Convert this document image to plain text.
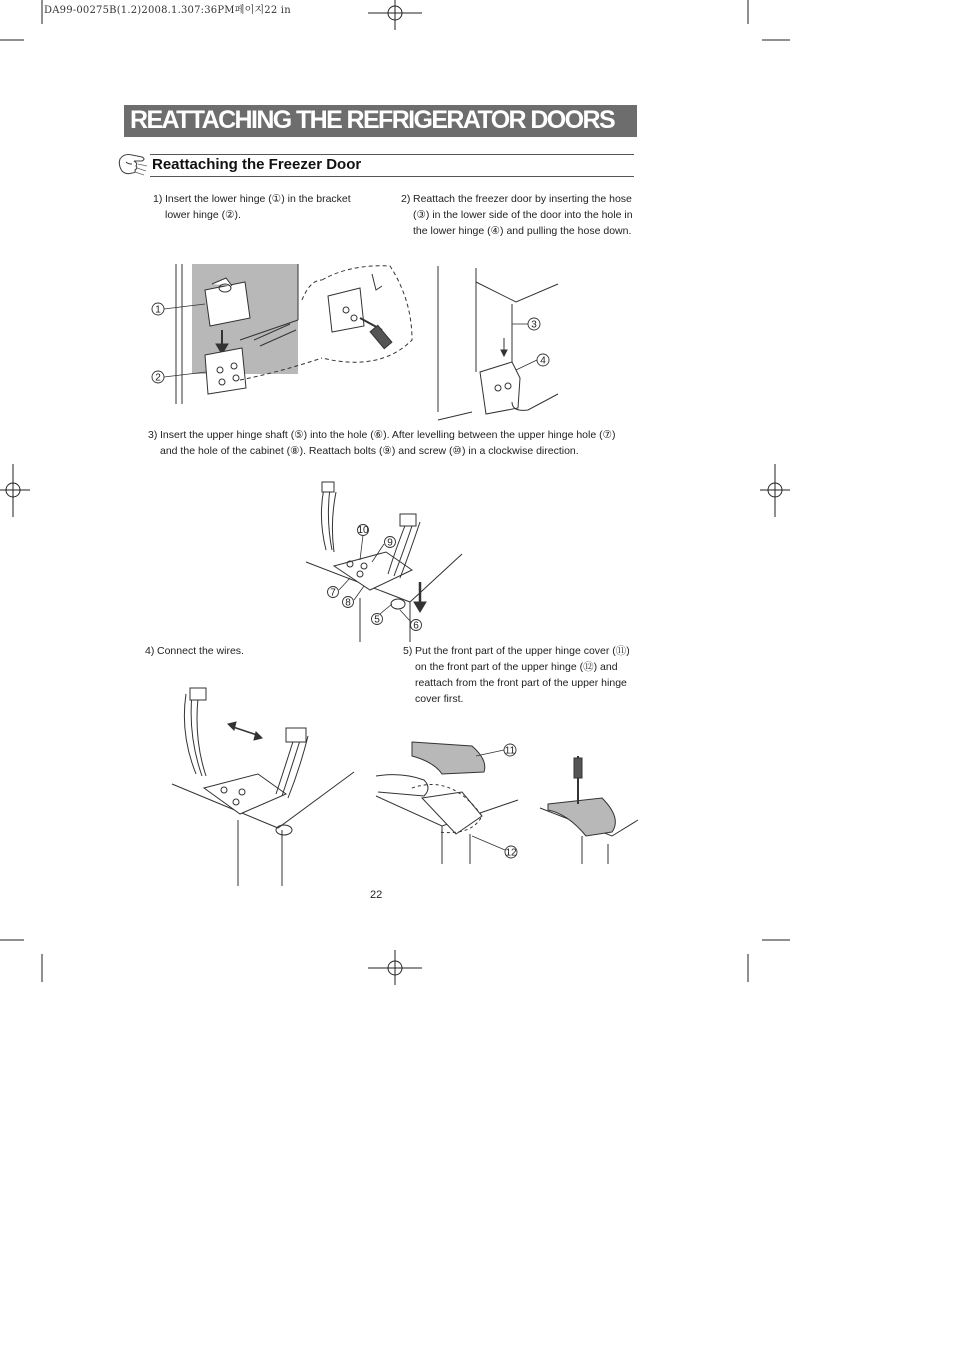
DA99-00275B(1.2)2008.1.307:36PM페이지22 in
REATTACHING THE REFRIGERATOR DOORS
Reattaching the Freezer Door
1) Insert the lower hinge (①) in the bracket lower hinge (②).
2) Reattach the freezer door by inserting the hose (③) in the lower side of the door into the hole in the lower hinge (④) and pulling the hose down.
3) Insert the upper hinge shaft (⑤) into the hole (⑥). After levelling between the upper hinge hole (⑦) and the hole of the cabinet (⑧). Reattach bolts (⑨) and screw (⑩) in a clockwise direction.
4) Connect the wires.	5) Put the front part of the upper hinge cover (⑪) on the front part of the upper hinge (⑫) and reattach from the front part of the upper hinge cover first.
1
2
3
4
10
9
7
8
5
6
11
12
22
